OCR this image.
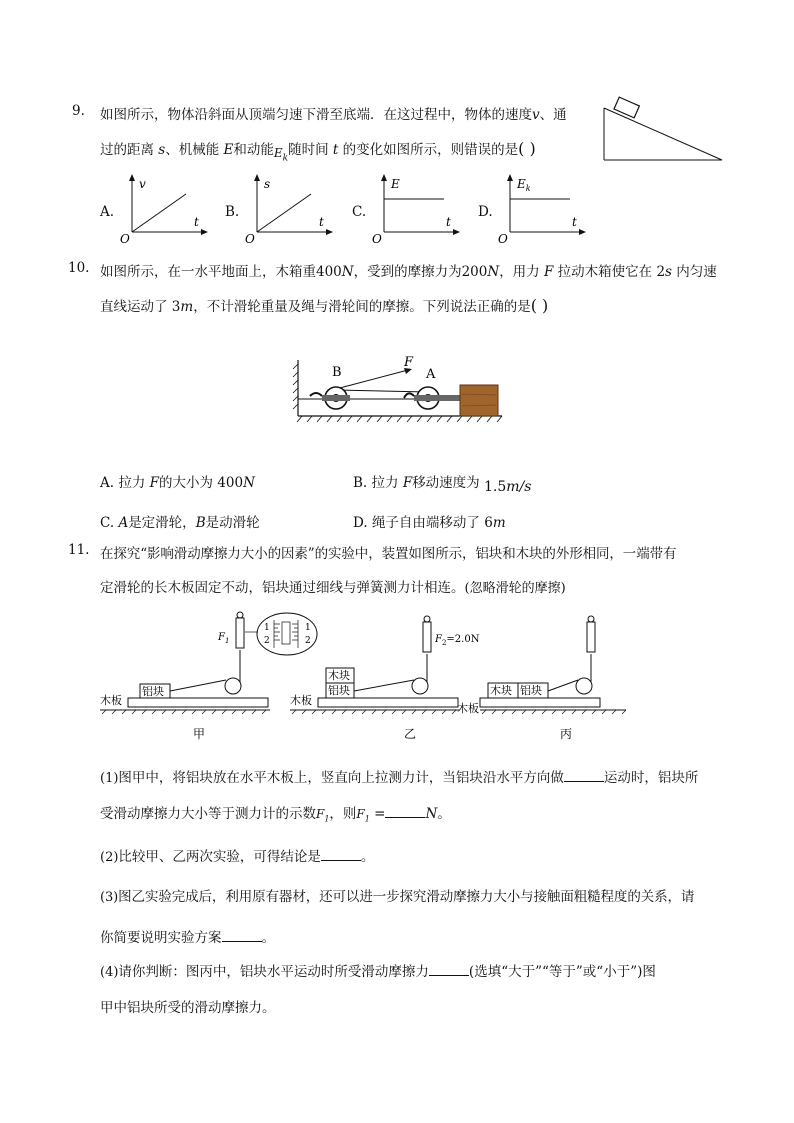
9. 如图所示，物体沿斜面从顶端匀速下滑至底端．在这过程中，物体的速度v、通
过的距离 s、机械能 E和动能$E_k$随时间 t 的变化如图所示，则错误的是( )
A.
v
t
O
B.
s
t
O
C.
E
t
O
D.
$E_k$
t
O
10. 如图所示，在一水平地面上，木箱重400N，受到的摩擦力为200N，用力 F 拉动木箱使它在 2s 内匀速
直线运动了 3m，不计滑轮重量及绳与滑轮间的摩擦。下列说法正确的是( )
B	A
F
A. 拉力 F的大小为 400N	B. 拉力 F移动速度为 1.5m/s
C. A是定滑轮，B是动滑轮	D. 绳子自由端移动了 6m
11. 在探究“影响滑动摩擦力大小的因素”的实验中，装置如图所示，铝块和木块的外形相同，一端带有
定滑轮的长木板固定不动，铝块通过细线与弹簧测力计相连。(忽略滑轮的摩擦)
铝块
$F_1$
1
2
1
2
木板
甲
木块
铝块
$F_2=2.0N$
木板
乙
木块 铝块
木板
丙
(1)图甲中，将铝块放在水平木板上，竖直向上拉测力计，当铝块沿水平方向做	运动时，铝块所
受滑动摩擦力大小等于测力计的示数$F_1$，则$F_1$ =	N。
(2)比较甲、乙两次实验，可得结论是	。
(3)图乙实验完成后，利用原有器材，还可以进一步探究滑动摩擦力大小与接触面粗糙程度的关系，请
你简要说明实验方案	。
(4)请你判断：图丙中，铝块水平运动时所受滑动摩擦力	(选填“大于”“等于”或“小于”)图
甲中铝块所受的滑动摩擦力。
